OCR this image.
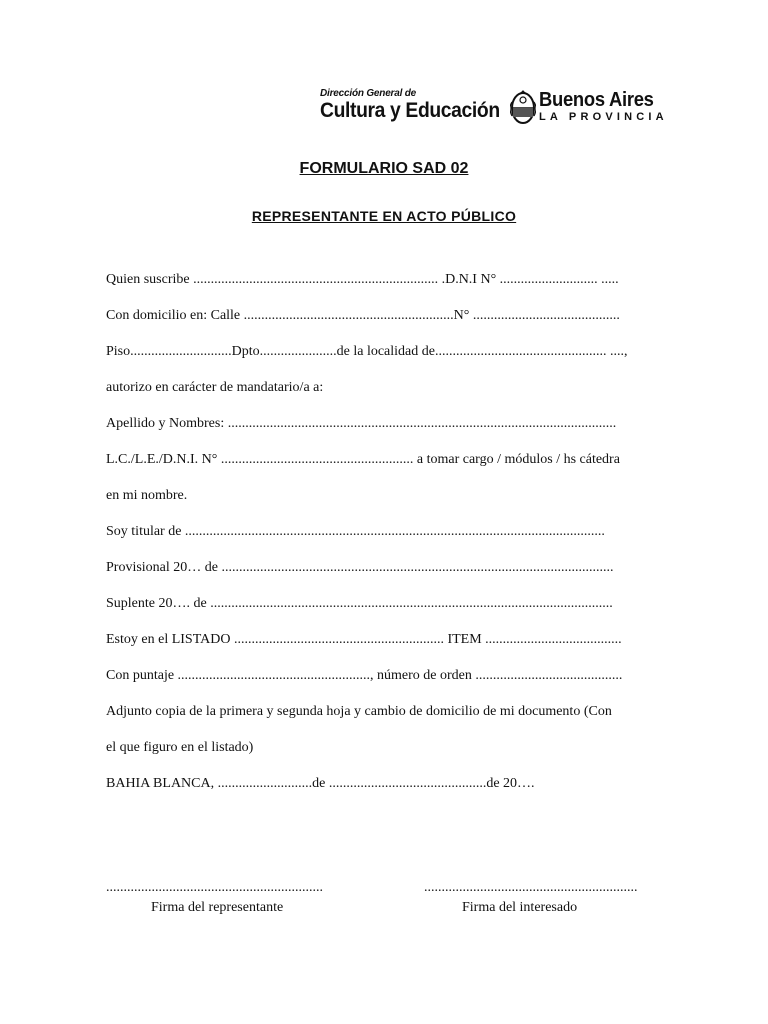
Dirección General de
Cultura y Educación Buenos Aires
LA PROVINCIA
FORMULARIO SAD 02
REPRESENTANTE EN ACTO PÚBLICO
Quien suscribe ...................................................................... .D.N.I N° ............................ .....
Con domicilio en: Calle ............................................................N° ..........................................
Piso.............................Dpto......................de la localidad de................................................. ....,
autorizo en carácter de mandatario/a a:
Apellido y Nombres: ...............................................................................................................
L.C./L.E./D.N.I. N° ....................................................... a tomar cargo / módulos / hs cátedra
en mi nombre.
Soy titular de ........................................................................................................................
Provisional 20… de ................................................................................................................
Suplente 20…. de ...................................................................................................................
Estoy en el LISTADO ............................................................ ITEM .......................................
Con puntaje ......................................................., número de orden ..........................................
Adjunto copia de la primera y segunda hoja y cambio de domicilio de mi documento (Con
el que figuro en el listado)
BAHIA BLANCA, ...........................de .............................................de 20….
..............................................................	.............................................................
Firma del representante	Firma del interesado
